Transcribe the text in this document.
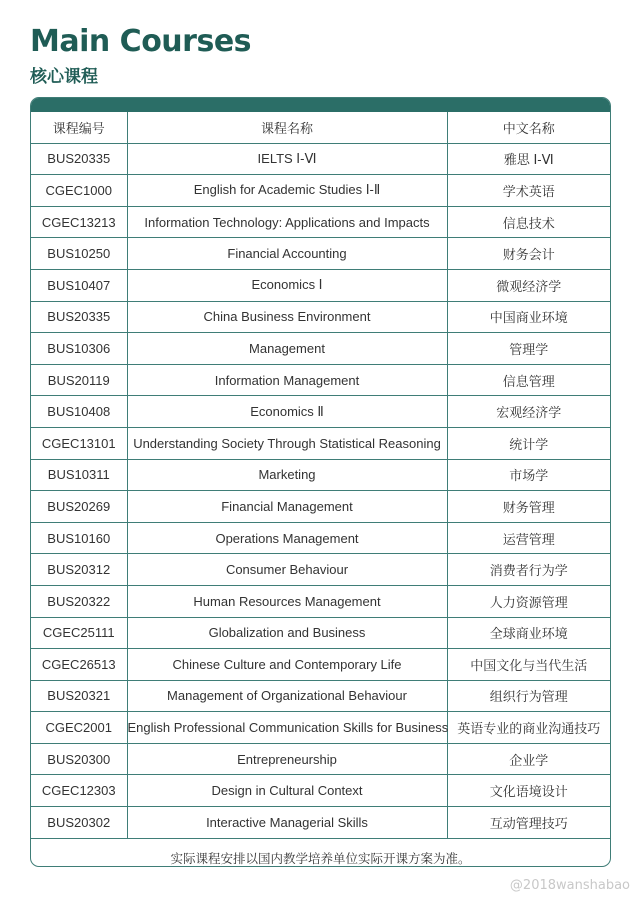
Main Courses
核心课程
课程编号	课程名称	中文名称
BUS20335	IELTS Ⅰ-Ⅵ	雅思 Ⅰ-Ⅵ
CGEC1000	English for Academic Studies Ⅰ-Ⅱ	学术英语
CGEC13213	Information Technology: Applications and Impacts	信息技术
BUS10250	Financial Accounting	财务会计
BUS10407	Economics Ⅰ	微观经济学
BUS20335	China Business Environment	中国商业环境
BUS10306	Management	管理学
BUS20119	Information Management	信息管理
BUS10408	Economics Ⅱ	宏观经济学
CGEC13101	Understanding Society Through Statistical Reasoning	统计学
BUS10311	Marketing	市场学
BUS20269	Financial Management	财务管理
BUS10160	Operations Management	运营管理
BUS20312	Consumer Behaviour	消费者行为学
BUS20322	Human Resources Management	人力资源管理
CGEC25111	Globalization and Business	全球商业环境
CGEC26513	Chinese Culture and Contemporary Life	中国文化与当代生活
BUS20321	Management of Organizational Behaviour	组织行为管理
CGEC2001	English Professional Communication Skills for Business	英语专业的商业沟通技巧
BUS20300	Entrepreneurship	企业学
CGEC12303	Design in Cultural Context	文化语境设计
BUS20302	Interactive Managerial Skills	互动管理技巧
实际课程安排以国内教学培养单位实际开课方案为准。
@2018wanshabao
